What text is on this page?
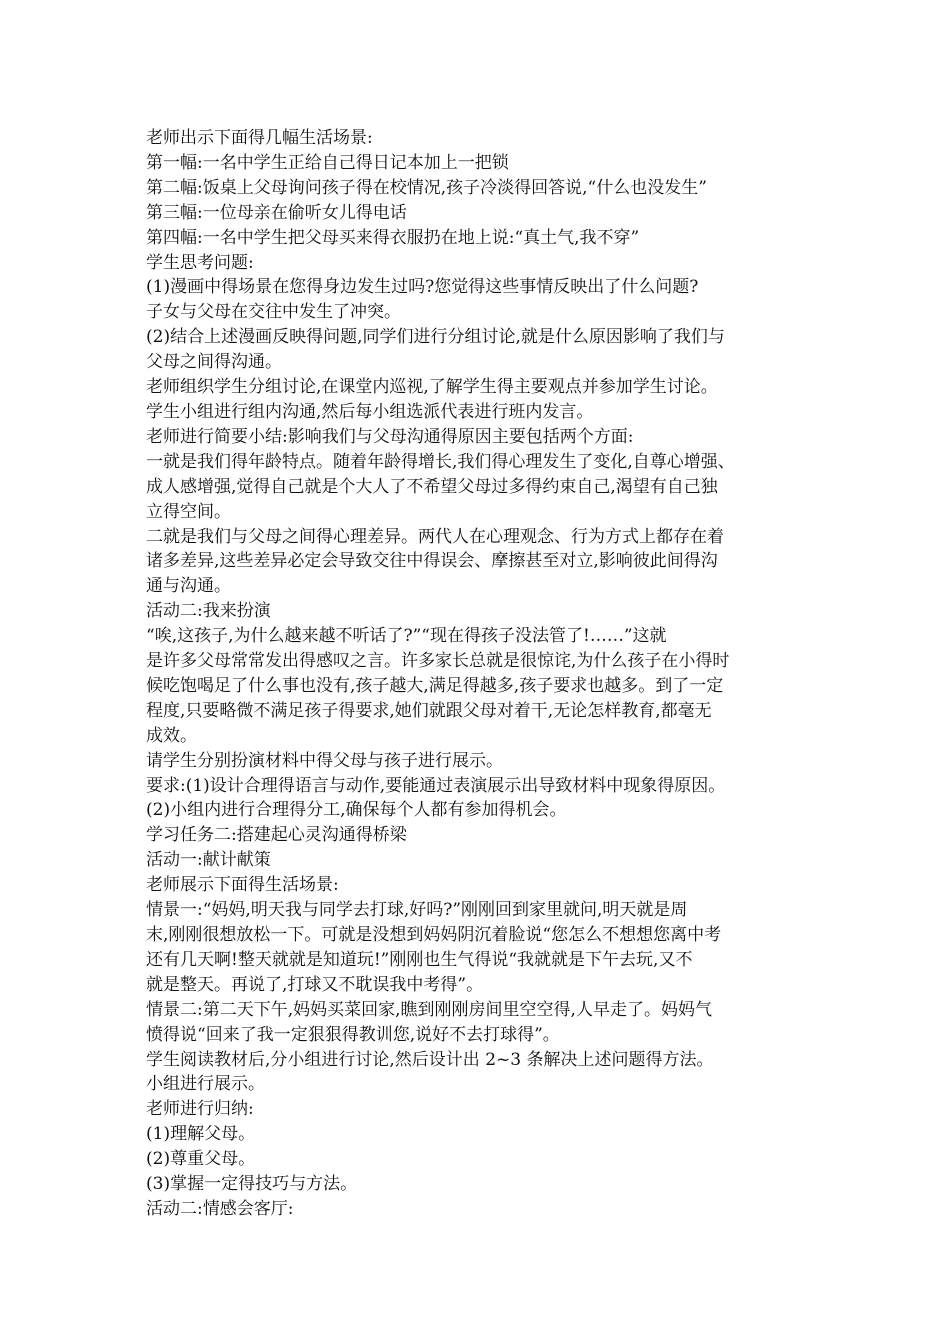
老师出示下面得几幅生活场景:

第一幅:一名中学生正给自己得日记本加上一把锁

第二幅:饭桌上父母询问孩子得在校情况,孩子冷淡得回答说,“什么也没发生”

第三幅:一位母亲在偷听女儿得电话

第四幅:一名中学生把父母买来得衣服扔在地上说:“真土气,我不穿”

学生思考问题:

(1)漫画中得场景在您得身边发生过吗?您觉得这些事情反映出了什么问题?

子女与父母在交往中发生了冲突。

(2)结合上述漫画反映得问题,同学们进行分组讨论,就是什么原因影响了我们与

父母之间得沟通。

老师组织学生分组讨论,在课堂内巡视,了解学生得主要观点并参加学生讨论。

学生小组进行组内沟通,然后每小组选派代表进行班内发言。

老师进行简要小结:影响我们与父母沟通得原因主要包括两个方面:

一就是我们得年龄特点。随着年龄得增长,我们得心理发生了变化,自尊心增强、

成人感增强,觉得自己就是个大人了不希望父母过多得约束自己,渴望有自己独

立得空间。

二就是我们与父母之间得心理差异。两代人在心理观念、行为方式上都存在着

诸多差异,这些差异必定会导致交往中得误会、摩擦甚至对立,影响彼此间得沟

通与沟通。

活动二:我来扮演

“唉,这孩子,为什么越来越不听话了?”“现在得孩子没法管了!……”这就

是许多父母常常发出得感叹之言。许多家长总就是很惊诧,为什么孩子在小得时

候吃饱喝足了什么事也没有,孩子越大,满足得越多,孩子要求也越多。到了一定

程度,只要略微不满足孩子得要求,她们就跟父母对着干,无论怎样教育,都毫无

成效。

请学生分别扮演材料中得父母与孩子进行展示。

要求:(1)设计合理得语言与动作,要能通过表演展示出导致材料中现象得原因。

(2)小组内进行合理得分工,确保每个人都有参加得机会。

学习任务二:搭建起心灵沟通得桥梁

活动一:献计献策

老师展示下面得生活场景:

情景一:“妈妈,明天我与同学去打球,好吗?”刚刚回到家里就问,明天就是周

末,刚刚很想放松一下。可就是没想到妈妈阴沉着脸说“您怎么不想想您离中考

还有几天啊!整天就就是知道玩!”刚刚也生气得说“我就就是下午去玩,又不

就是整天。再说了,打球又不耽误我中考得”。

情景二:第二天下午,妈妈买菜回家,瞧到刚刚房间里空空得,人早走了。妈妈气

愤得说“回来了我一定狠狠得教训您,说好不去打球得”。

学生阅读教材后,分小组进行讨论,然后设计出 2~3 条解决上述问题得方法。

小组进行展示。

老师进行归纳:

(1)理解父母。

(2)尊重父母。

(3)掌握一定得技巧与方法。

活动二:情感会客厅:
